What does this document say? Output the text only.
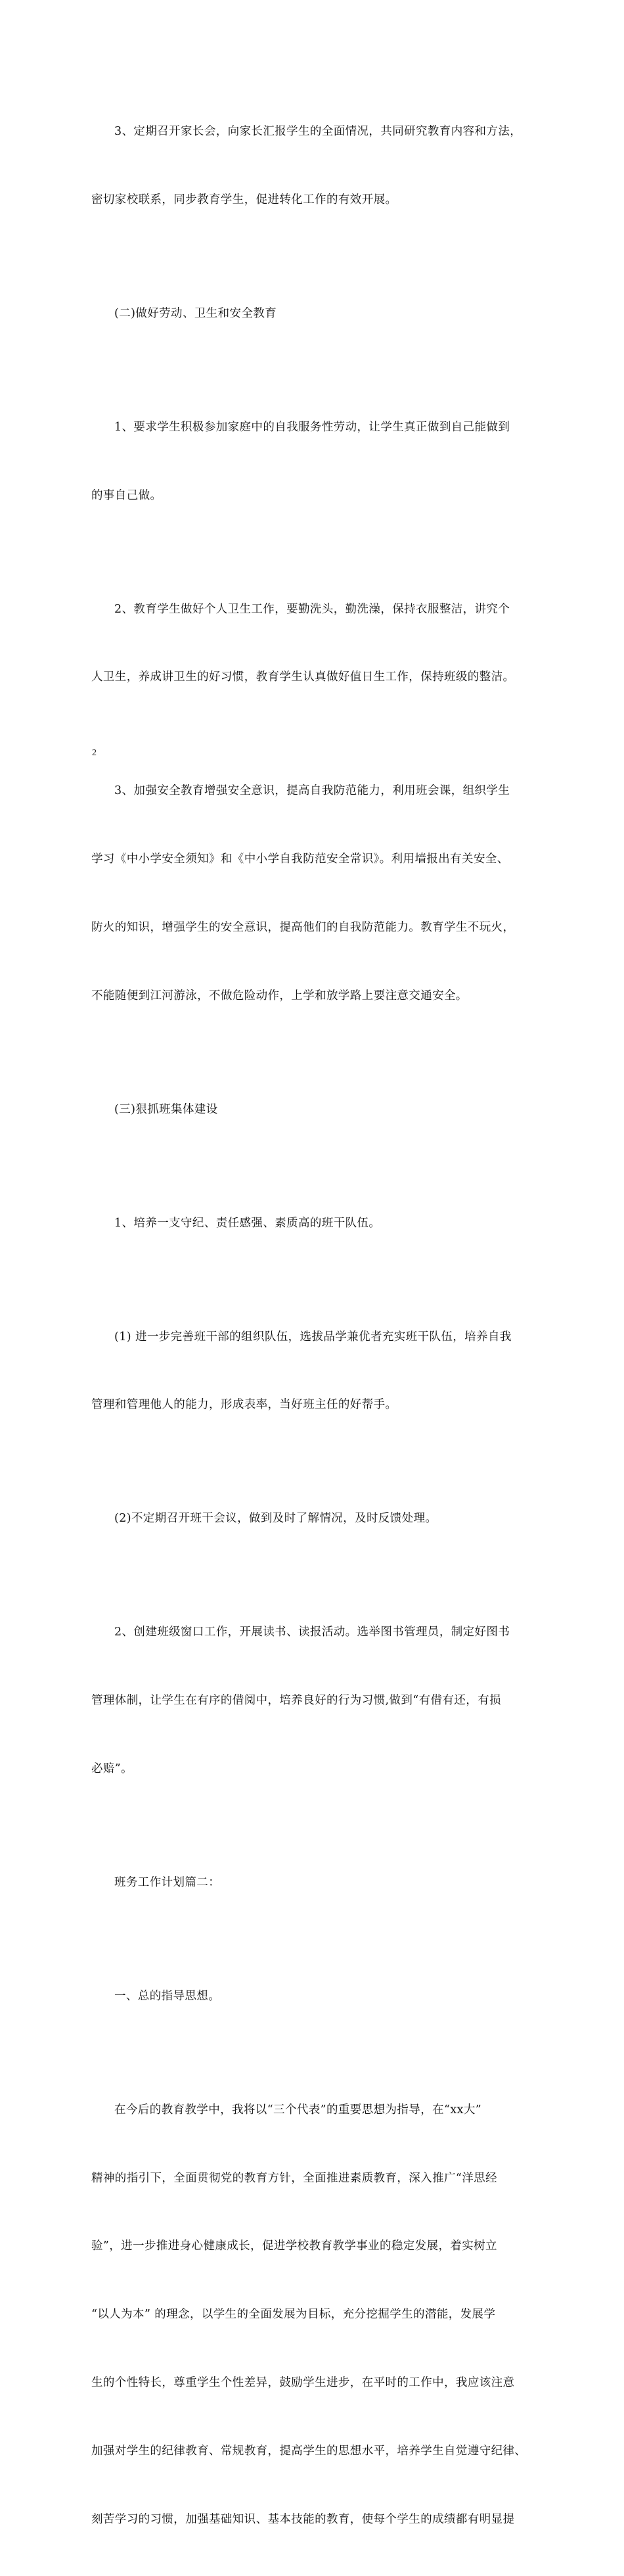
3、定期召开家长会，向家长汇报学生的全面情况，共同研究教育内容和方法，

密切家校联系，同步教育学生，促进转化工作的有效开展。

(二)做好劳动、卫生和安全教育

1、要求学生积极参加家庭中的自我服务性劳动，让学生真正做到自己能做到

的事自己做。

2、教育学生做好个人卫生工作，要勤洗头，勤洗澡，保持衣服整洁，讲究个

人卫生，养成讲卫生的好习惯，教育学生认真做好值日生工作，保持班级的整洁。

3、加强安全教育增强安全意识，提高自我防范能力，利用班会课，组织学生

学习《中小学安全须知》和《中小学自我防范安全常识》。利用墙报出有关安全、

防火的知识，增强学生的安全意识，提高他们的自我防范能力。教育学生不玩火，

不能随便到江河游泳，不做危险动作，上学和放学路上要注意交通安全。

(三)狠抓班集体建设

1、培养一支守纪、责任感强、素质高的班干队伍。

(1) 进一步完善班干部的组织队伍，选拔品学兼优者充实班干队伍，培养自我

管理和管理他人的能力，形成表率，当好班主任的好帮手。

(2)不定期召开班干会议，做到及时了解情况，及时反馈处理。

2、创建班级窗口工作，开展读书、读报活动。选举图书管理员，制定好图书

管理体制，让学生在有序的借阅中，培养良好的行为习惯,做到“有借有还，有损

必赔”。

班务工作计划篇二：

一、总的指导思想。

在今后的教育教学中，我将以“三个代表”的重要思想为指导，在“xx大”

精神的指引下，全面贯彻党的教育方针，全面推进素质教育，深入推广“洋思经

验”，进一步推进身心健康成长，促进学校教育教学事业的稳定发展，着实树立

“以人为本” 的理念，以学生的全面发展为目标，充分挖掘学生的潜能，发展学

生的个性特长，尊重学生个性差异，鼓励学生进步，在平时的工作中，我应该注意

加强对学生的纪律教育、常规教育，提高学生的思想水平，培养学生自觉遵守纪律、

刻苦学习的习惯，加强基础知识、基本技能的教育，使每个学生的成绩都有明显提

2
